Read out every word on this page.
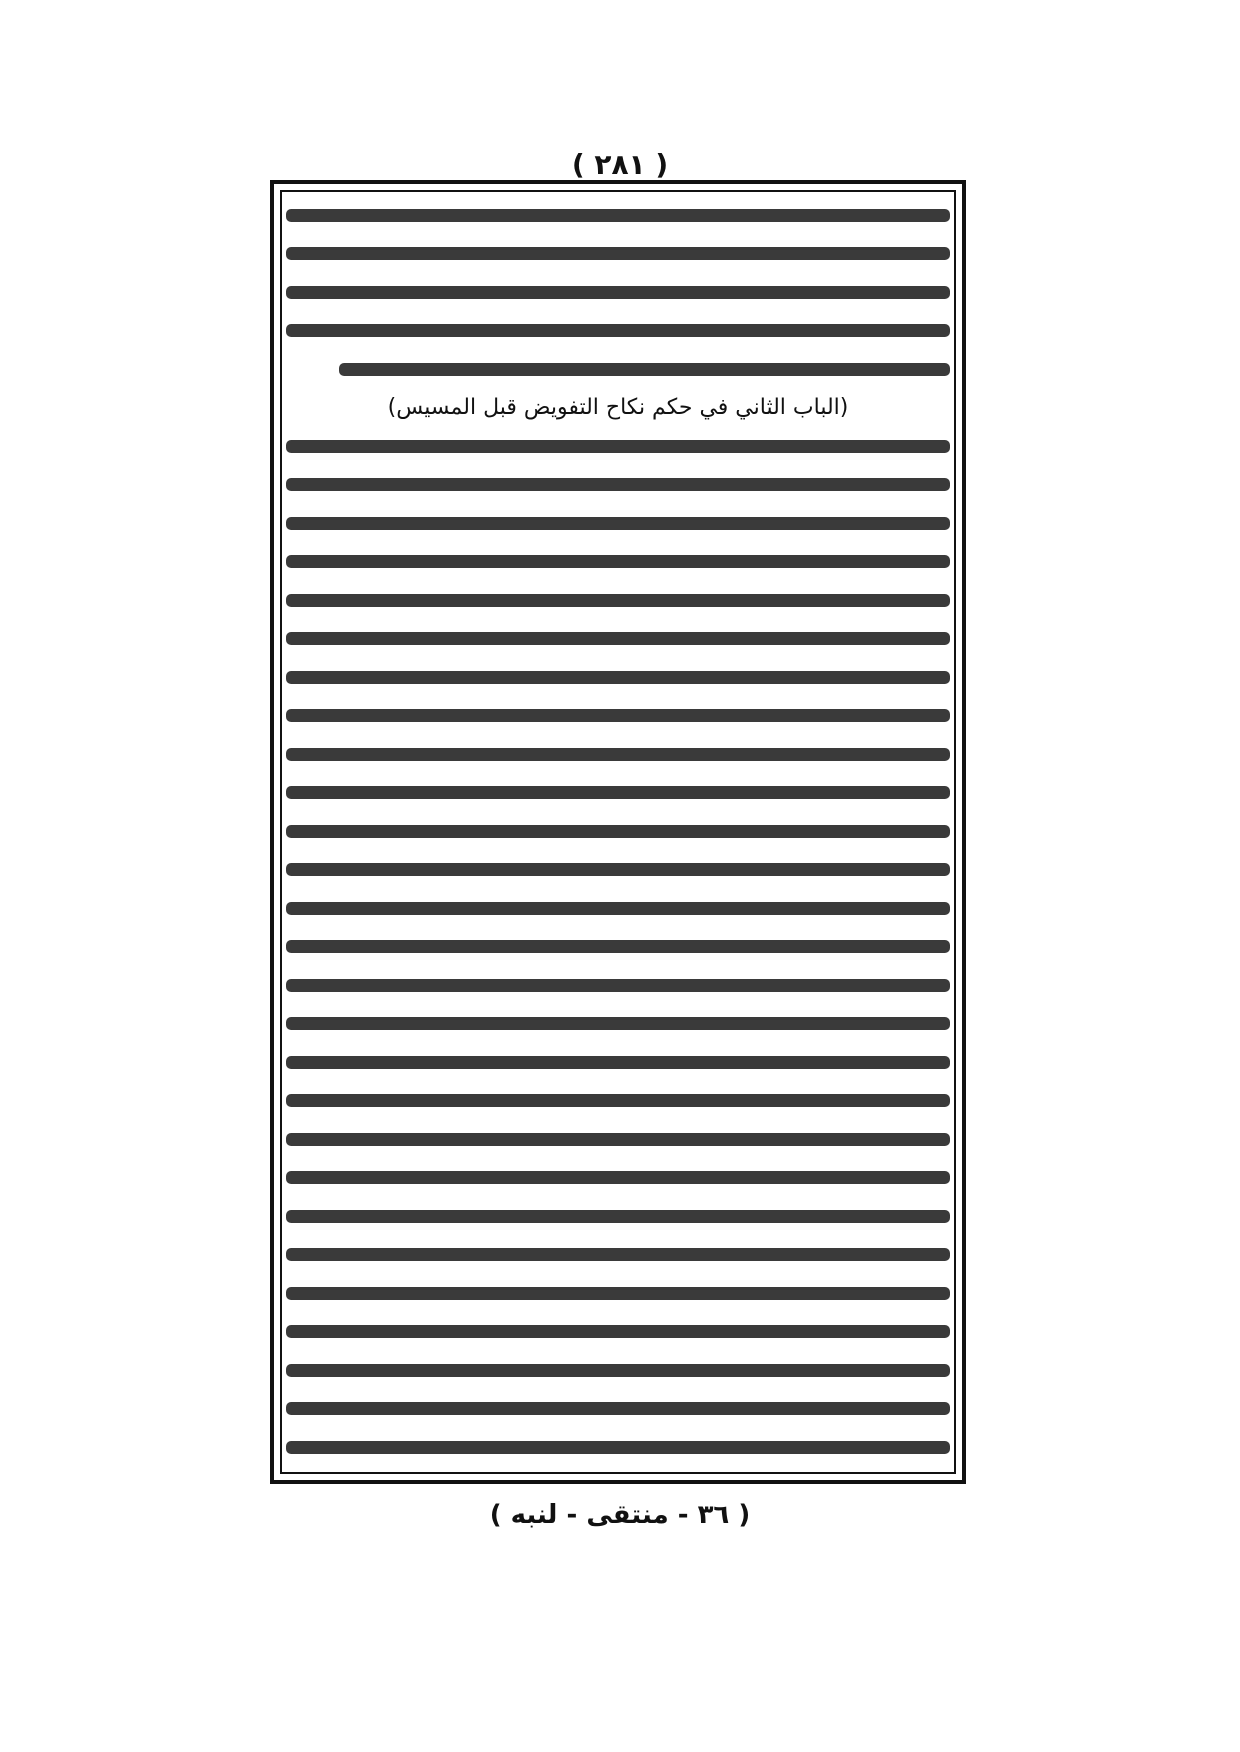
( ٢٨١ )
(الباب الثاني في حكم نكاح التفويض قبل المسيس)
( ٣٦ - منتقى - لنبه )
